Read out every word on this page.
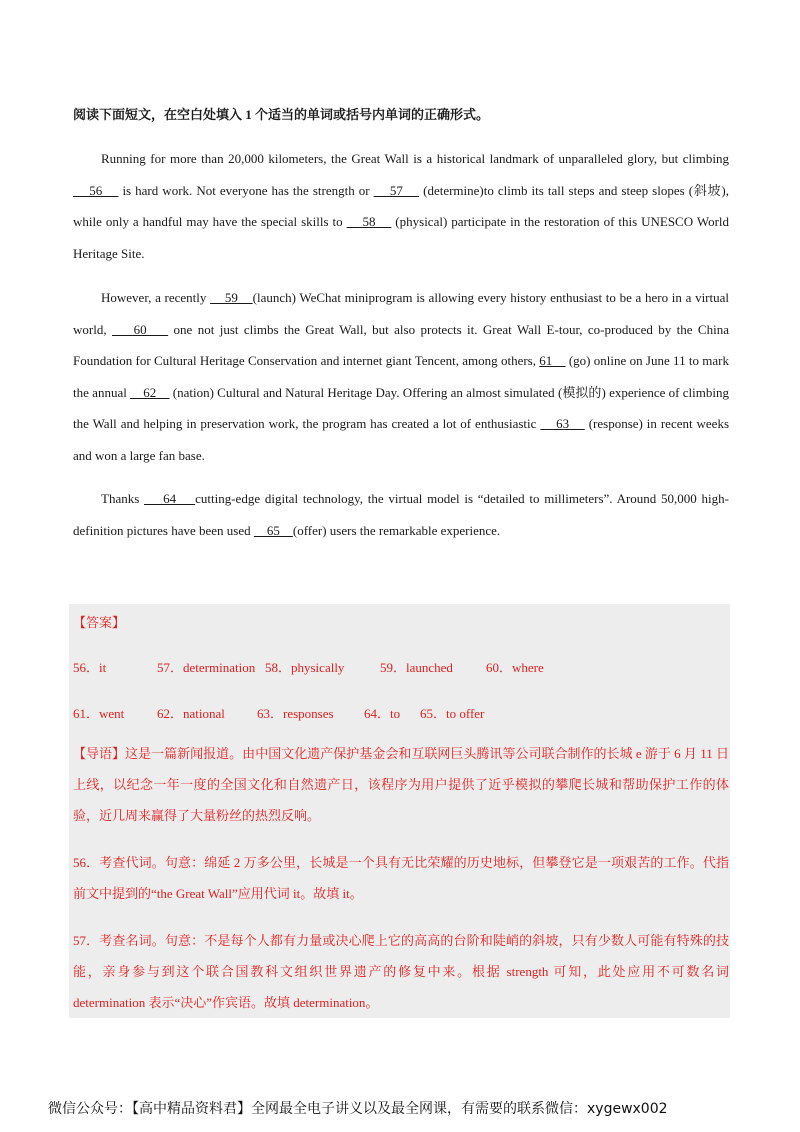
阅读下面短文，在空白处填入 1 个适当的单词或括号内单词的正确形式。
Running for more than 20,000 kilometers, the Great Wall is a historical landmark of unparalleled glory, but climbing     56     is hard work. Not everyone has the strength or     57     (determine)to climb its tall steps and steep slopes (斜坡), while only a handful may have the special skills to     58     (physical) participate in the restoration of this UNESCO World Heritage Site.
However, a recently     59    (launch) WeChat miniprogram is allowing every history enthusiast to be a hero in a virtual world,     60     one not just climbs the Great Wall, but also protects it. Great Wall E-tour, co-produced by the China Foundation for Cultural Heritage Conservation and internet giant Tencent, among others, 61     (go) online on June 11 to mark the annual     62     (nation) Cultural and Natural Heritage Day. Offering an almost simulated (模拟的) experience of climbing the Wall and helping in preservation work, the program has created a lot of enthusiastic     63     (response) in recent weeks and won a large fan base.
Thanks     64    cutting-edge digital technology, the virtual model is “detailed to millimeters”. Around 50,000 high-definition pictures have been used     65    (offer) users the remarkable experience.
【答案】
56．it	57．determination 58．physically	59．launched	60．where
61．went	62．national	63．responses	64．to	65．to offer
【导语】这是一篇新闻报道。由中国文化遗产保护基金会和互联网巨头腾讯等公司联合制作的长城 e 游于 6 月 11 日上线，以纪念一年一度的全国文化和自然遗产日，该程序为用户提供了近乎模拟的攀爬长城和帮助保护工作的体验，近几周来赢得了大量粉丝的热烈反响。
56．考查代词。句意：绵延 2 万多公里，长城是一个具有无比荣耀的历史地标，但攀登它是一项艰苦的工作。代指前文中提到的“the Great Wall”应用代词 it。故填 it。
57．考查名词。句意：不是每个人都有力量或决心爬上它的高高的台阶和陡峭的斜坡，只有少数人可能有特殊的技能，亲身参与到这个联合国教科文组织世界遗产的修复中来。根据 strength 可知，此处应用不可数名词 determination 表示“决心”作宾语。故填 determination。
微信公众号：【高中精品资料君】全网最全电子讲义以及最全网课，有需要的联系微信：xygewx002
